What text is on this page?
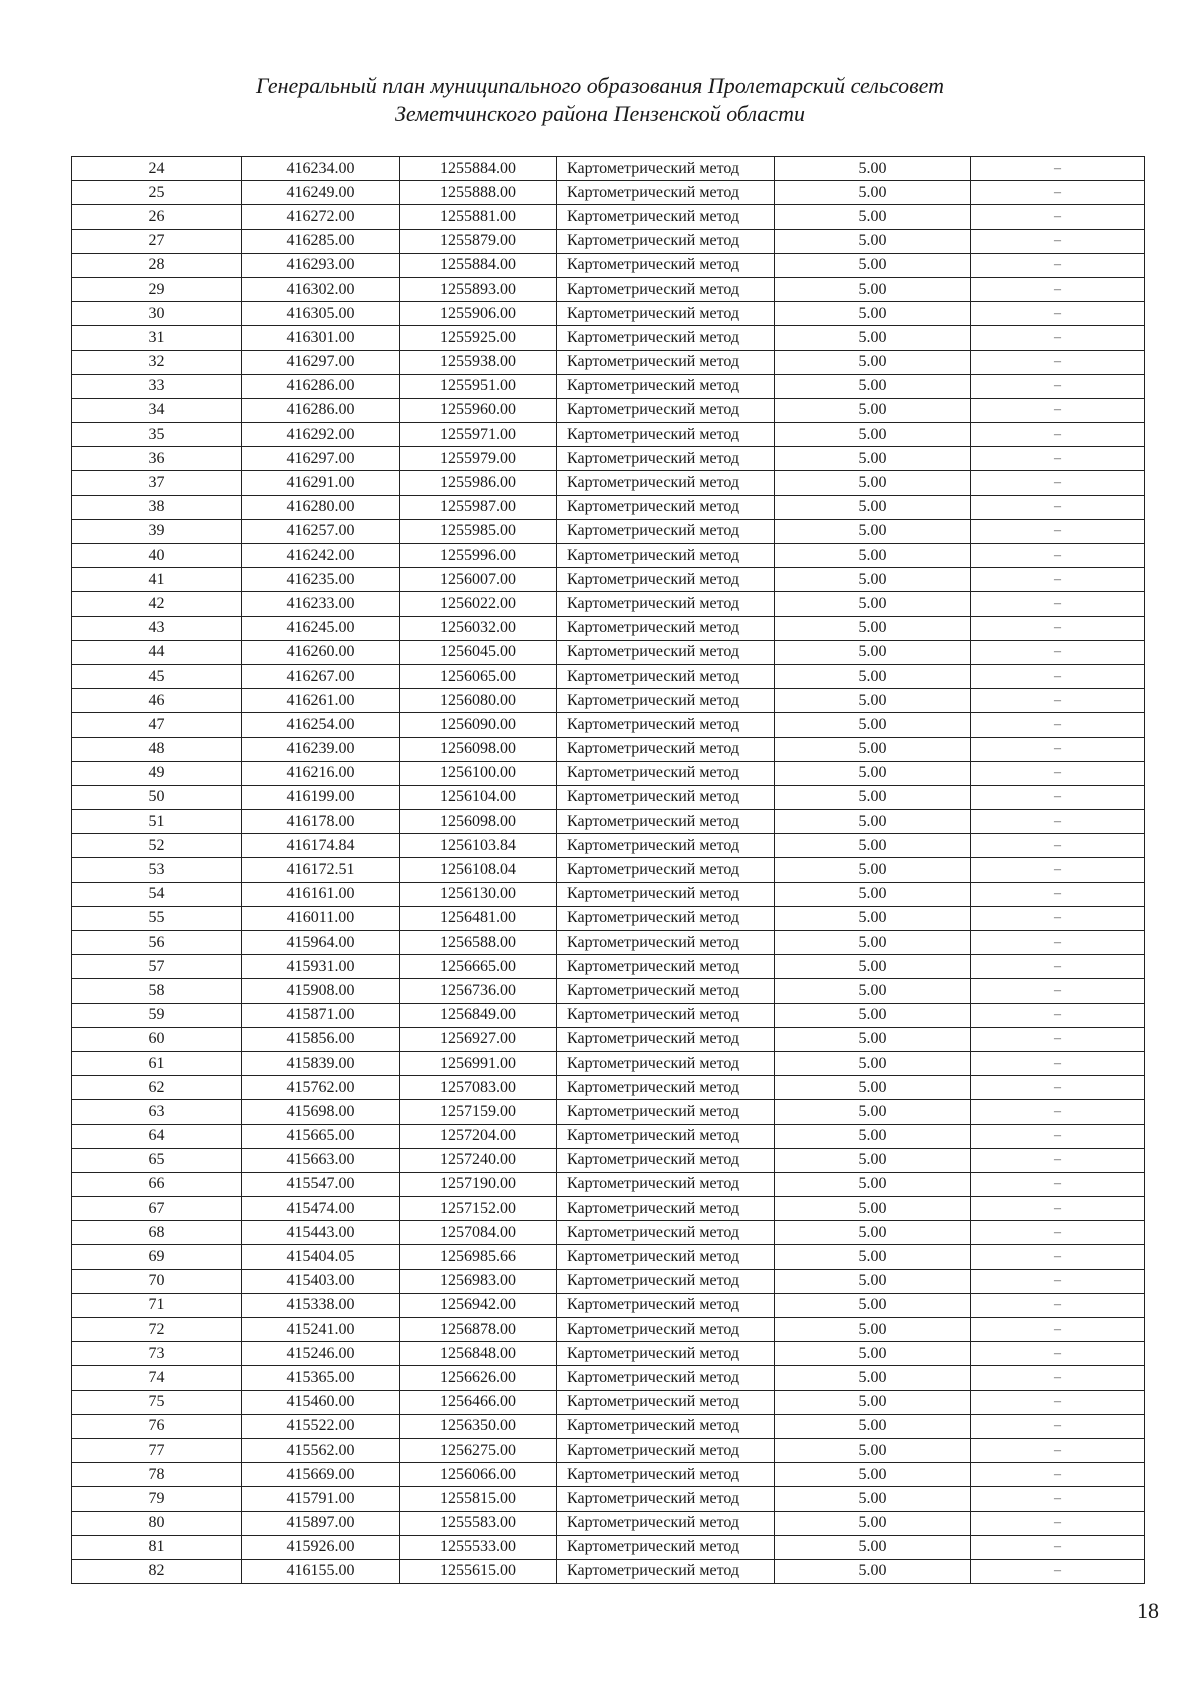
Генеральный план муниципального образования Пролетарский сельсовет
Земетчинского района Пензенской области
24	416234.00	1255884.00	Картометрический метод	5.00	–
25	416249.00	1255888.00	Картометрический метод	5.00	–
26	416272.00	1255881.00	Картометрический метод	5.00	–
27	416285.00	1255879.00	Картометрический метод	5.00	–
28	416293.00	1255884.00	Картометрический метод	5.00	–
29	416302.00	1255893.00	Картометрический метод	5.00	–
30	416305.00	1255906.00	Картометрический метод	5.00	–
31	416301.00	1255925.00	Картометрический метод	5.00	–
32	416297.00	1255938.00	Картометрический метод	5.00	–
33	416286.00	1255951.00	Картометрический метод	5.00	–
34	416286.00	1255960.00	Картометрический метод	5.00	–
35	416292.00	1255971.00	Картометрический метод	5.00	–
36	416297.00	1255979.00	Картометрический метод	5.00	–
37	416291.00	1255986.00	Картометрический метод	5.00	–
38	416280.00	1255987.00	Картометрический метод	5.00	–
39	416257.00	1255985.00	Картометрический метод	5.00	–
40	416242.00	1255996.00	Картометрический метод	5.00	–
41	416235.00	1256007.00	Картометрический метод	5.00	–
42	416233.00	1256022.00	Картометрический метод	5.00	–
43	416245.00	1256032.00	Картометрический метод	5.00	–
44	416260.00	1256045.00	Картометрический метод	5.00	–
45	416267.00	1256065.00	Картометрический метод	5.00	–
46	416261.00	1256080.00	Картометрический метод	5.00	–
47	416254.00	1256090.00	Картометрический метод	5.00	–
48	416239.00	1256098.00	Картометрический метод	5.00	–
49	416216.00	1256100.00	Картометрический метод	5.00	–
50	416199.00	1256104.00	Картометрический метод	5.00	–
51	416178.00	1256098.00	Картометрический метод	5.00	–
52	416174.84	1256103.84	Картометрический метод	5.00	–
53	416172.51	1256108.04	Картометрический метод	5.00	–
54	416161.00	1256130.00	Картометрический метод	5.00	–
55	416011.00	1256481.00	Картометрический метод	5.00	–
56	415964.00	1256588.00	Картометрический метод	5.00	–
57	415931.00	1256665.00	Картометрический метод	5.00	–
58	415908.00	1256736.00	Картометрический метод	5.00	–
59	415871.00	1256849.00	Картометрический метод	5.00	–
60	415856.00	1256927.00	Картометрический метод	5.00	–
61	415839.00	1256991.00	Картометрический метод	5.00	–
62	415762.00	1257083.00	Картометрический метод	5.00	–
63	415698.00	1257159.00	Картометрический метод	5.00	–
64	415665.00	1257204.00	Картометрический метод	5.00	–
65	415663.00	1257240.00	Картометрический метод	5.00	–
66	415547.00	1257190.00	Картометрический метод	5.00	–
67	415474.00	1257152.00	Картометрический метод	5.00	–
68	415443.00	1257084.00	Картометрический метод	5.00	–
69	415404.05	1256985.66	Картометрический метод	5.00	–
70	415403.00	1256983.00	Картометрический метод	5.00	–
71	415338.00	1256942.00	Картометрический метод	5.00	–
72	415241.00	1256878.00	Картометрический метод	5.00	–
73	415246.00	1256848.00	Картометрический метод	5.00	–
74	415365.00	1256626.00	Картометрический метод	5.00	–
75	415460.00	1256466.00	Картометрический метод	5.00	–
76	415522.00	1256350.00	Картометрический метод	5.00	–
77	415562.00	1256275.00	Картометрический метод	5.00	–
78	415669.00	1256066.00	Картометрический метод	5.00	–
79	415791.00	1255815.00	Картометрический метод	5.00	–
80	415897.00	1255583.00	Картометрический метод	5.00	–
81	415926.00	1255533.00	Картометрический метод	5.00	–
82	416155.00	1255615.00	Картометрический метод	5.00	–
18
